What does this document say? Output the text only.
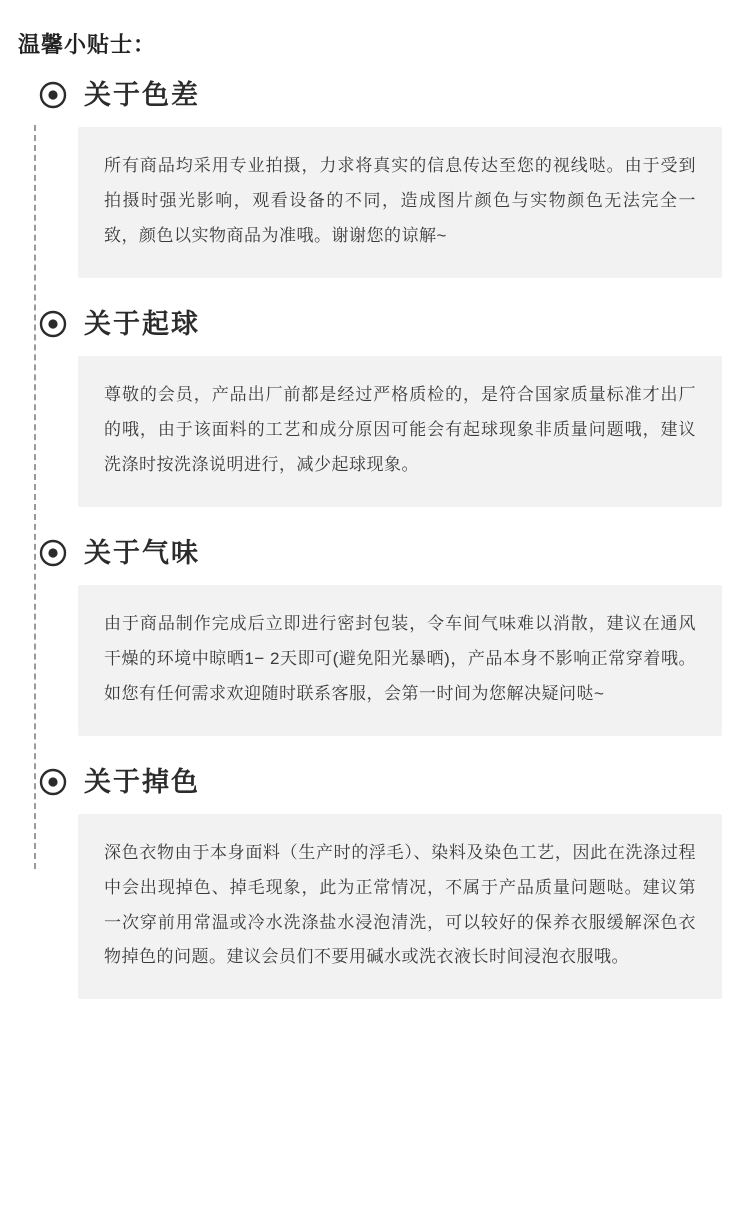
温馨小贴士：
关于色差
所有商品均采用专业拍摄，力求将真实的信息传达至您的视线哒。由于受到拍摄时强光影响，观看设备的不同，造成图片颜色与实物颜色无法完全一致，颜色以实物商品为准哦。谢谢您的谅解~
关于起球
尊敬的会员，产品出厂前都是经过严格质检的，是符合国家质量标准才出厂的哦，由于该面料的工艺和成分原因可能会有起球现象非质量问题哦，建议洗涤时按洗涤说明进行，减少起球现象。
关于气味
由于商品制作完成后立即进行密封包装，令车间气味难以消散，建议在通风干燥的环境中晾晒1− 2天即可(避免阳光暴晒)，产品本身不影响正常穿着哦。如您有任何需求欢迎随时联系客服，会第一时间为您解决疑问哒~
关于掉色
深色衣物由于本身面料（生产时的浮毛）、染料及染色工艺，因此在洗涤过程中会出现掉色、掉毛现象，此为正常情况，不属于产品质量问题哒。建议第一次穿前用常温或冷水洗涤盐水浸泡清洗，可以较好的保养衣服缓解深色衣物掉色的问题。建议会员们不要用碱水或洗衣液长时间浸泡衣服哦。
